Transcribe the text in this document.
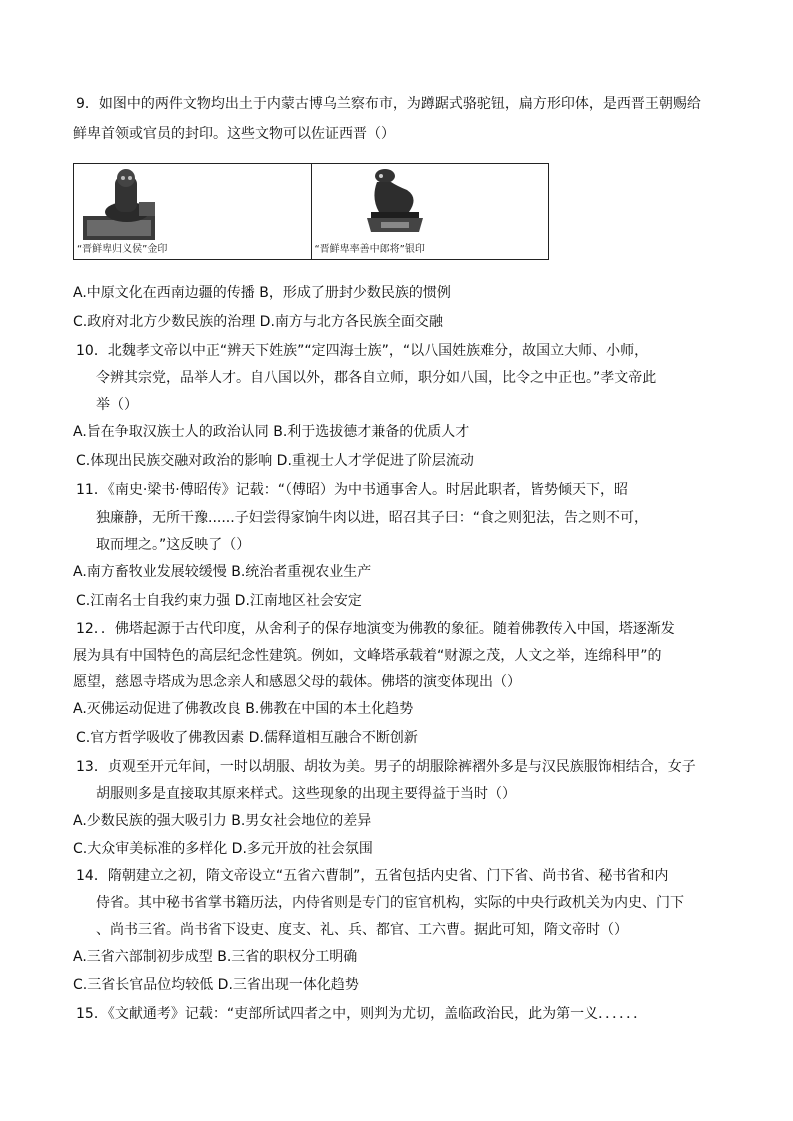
9．如图中的两件文物均出土于内蒙古博乌兰察布市，为蹲踞式骆驼钮，扁方形印体，是西晋王朝赐给
鲜卑首领或官员的封印。这些文物可以佐证西晋（）
“晋鲜卑归义侯”金印	“晋鲜卑率善中郎将”银印
A.中原文化在西南边疆的传播 B，形成了册封少数民族的惯例
C.政府对北方少数民族的治理 D.南方与北方各民族全面交融
10．北魏孝文帝以中正“辨天下姓族”“定四海士族”，“以八国姓族难分，故国立大师、小师，
令辨其宗党，品举人才。自八国以外，郡各自立师，职分如八国，比令之中正也。”孝文帝此
举（）
A.旨在争取汉族士人的政治认同 B.利于选拔德才兼备的优质人才
C.体现出民族交融对政治的影响 D.重视士人才学促进了阶层流动
11．《南史·梁书·傅昭传》记载：“（傅昭）为中书通事舍人。时居此职者，皆势倾天下，昭
独廉静，无所干豫......子妇尝得家饷牛肉以进，昭召其子曰：“食之则犯法，告之则不可，
取而埋之。”这反映了（）
A.南方畜牧业发展较缓慢 B.统治者重视农业生产
C.江南名士自我约束力强 D.江南地区社会安定
12．．佛塔起源于古代印度，从舍利子的保存地演变为佛教的象征。随着佛教传入中国，塔逐渐发
展为具有中国特色的高层纪念性建筑。例如，文峰塔承载着“财源之茂，人文之举，连绵科甲”的
愿望，慈恩寺塔成为思念亲人和感恩父母的载体。佛塔的演变体现出（）
A.灭佛运动促进了佛教改良 B.佛教在中国的本土化趋势
C.官方哲学吸收了佛教因素 D.儒释道相互融合不断创新
13．贞观至开元年间，一时以胡服、胡妆为美。男子的胡服除裤褶外多是与汉民族服饰相结合，女子
胡服则多是直接取其原来样式。这些现象的出现主要得益于当时（）
A.少数民族的强大吸引力 B.男女社会地位的差异
C.大众审美标准的多样化 D.多元开放的社会氛围
14．隋朝建立之初，隋文帝设立“五省六曹制”，五省包括内史省、门下省、尚书省、秘书省和内
侍省。其中秘书省掌书籍历法，内侍省则是专门的宦官机构，实际的中央行政机关为内史、门下
、尚书三省。尚书省下设吏、度支、礼、兵、都官、工六曹。据此可知，隋文帝时（）
A.三省六部制初步成型 B.三省的职权分工明确
C.三省长官品位均较低 D.三省出现一体化趋势
15．《文献通考》记载：“吏部所试四者之中，则判为尤切，盖临政治民，此为第一义．．．．．．
